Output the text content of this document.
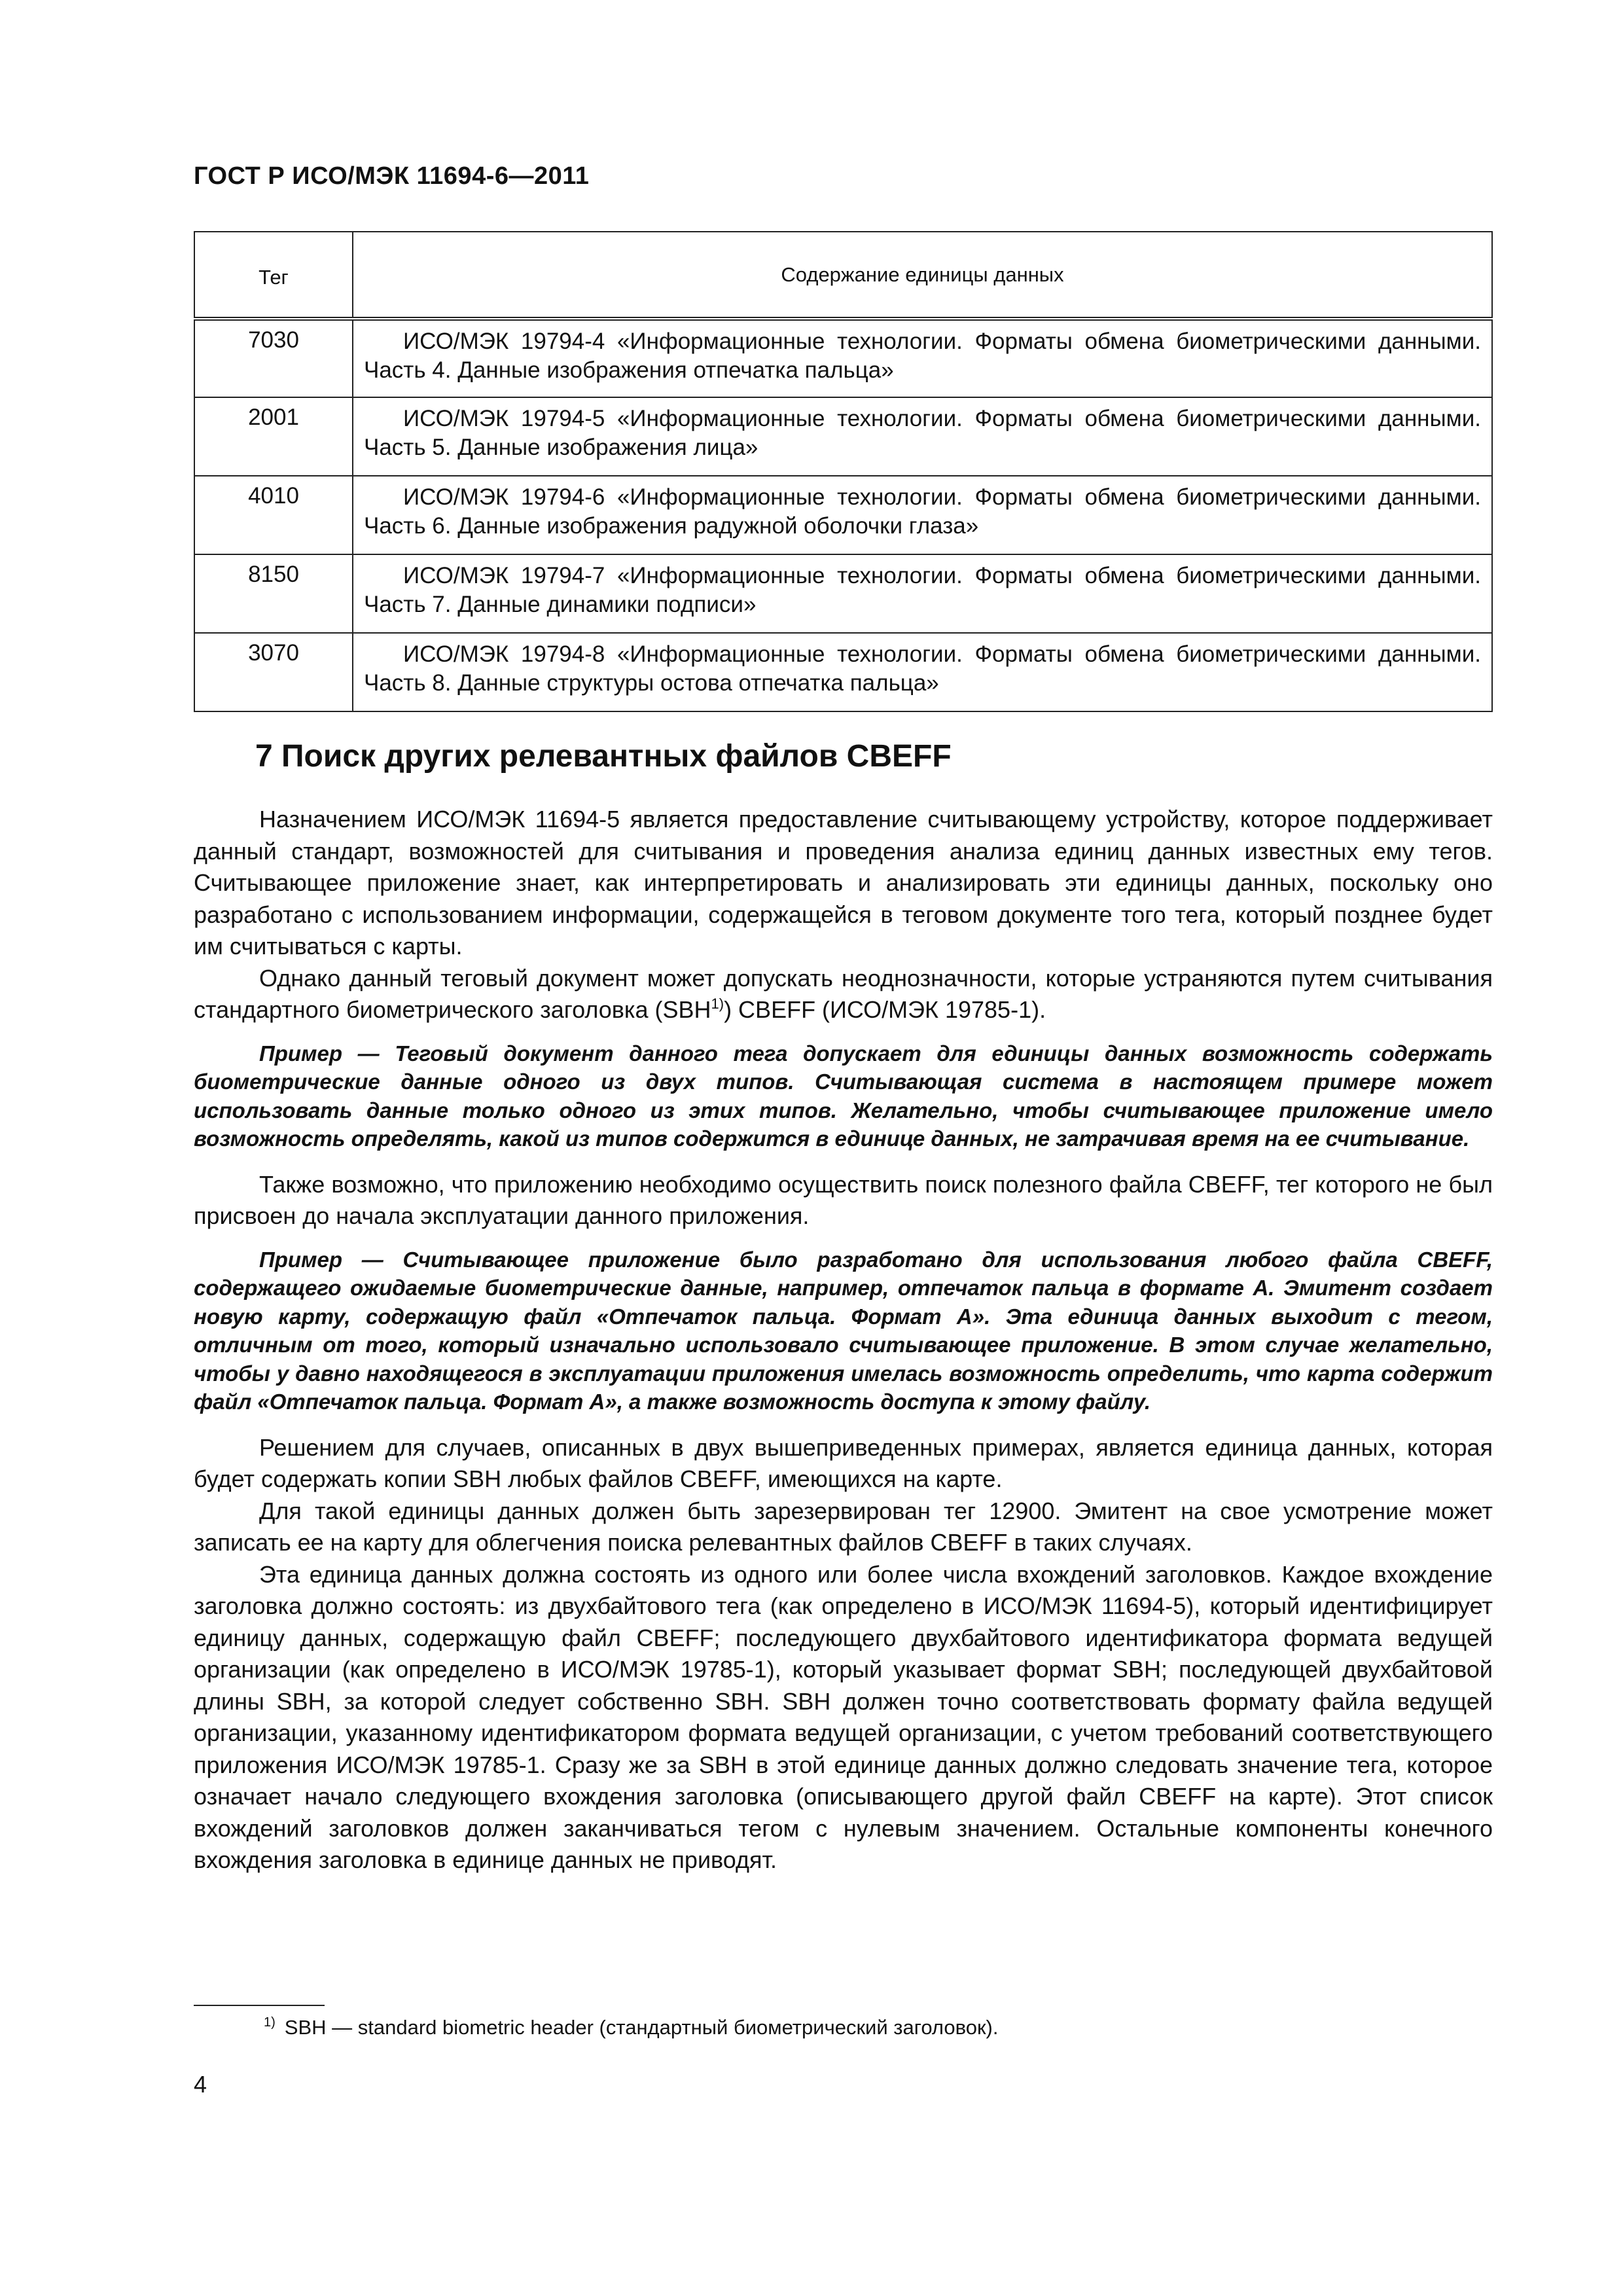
ГОСТ Р ИСО/МЭК 11694-6—2011
Тег	Содержание единицы данных
7030	ИСО/МЭК 19794-4 «Информационные технологии. Форматы обмена биометрическими данными. Часть 4. Данные изображения отпечатка пальца»
2001	ИСО/МЭК 19794-5 «Информационные технологии. Форматы обмена биометрическими данными. Часть 5. Данные изображения лица»
4010	ИСО/МЭК 19794-6 «Информационные технологии. Форматы обмена биометрическими данными. Часть 6. Данные изображения радужной оболочки глаза»
8150	ИСО/МЭК 19794-7 «Информационные технологии. Форматы обмена биометрическими данными. Часть 7. Данные динамики подписи»
3070	ИСО/МЭК 19794-8 «Информационные технологии. Форматы обмена биометрическими данными. Часть 8. Данные структуры остова отпечатка пальца»
7 Поиск других релевантных файлов CBEFF

Назначением ИСО/МЭК 11694-5 является предоставление считывающему устройству, которое поддерживает данный стандарт, возможностей для считывания и проведения анализа единиц данных известных ему тегов. Считывающее приложение знает, как интерпретировать и анализировать эти единицы данных, поскольку оно разработано с использованием информации, содержащейся в теговом документе того тега, который позднее будет им считываться с карты.

Однако данный теговый документ может допускать неоднозначности, которые устраняются путем считывания стандартного биометрического заголовка (SBH$^{1)}$) CBEFF (ИСО/МЭК 19785-1).

Пример — Теговый документ данного тега допускает для единицы данных возможность содержать биометрические данные одного из двух типов. Считывающая система в настоящем примере может использовать данные только одного из этих типов. Желательно, чтобы считывающее приложение имело возможность определять, какой из типов содержится в единице данных, не затрачивая время на ее считывание.

Также возможно, что приложению необходимо осуществить поиск полезного файла CBEFF, тег которого не был присвоен до начала эксплуатации данного приложения.

Пример — Считывающее приложение было разработано для использования любого файла CBEFF, содержащего ожидаемые биометрические данные, например, отпечаток пальца в формате А. Эмитент создает новую карту, содержащую файл «Отпечаток пальца. Формат А». Эта единица данных выходит с тегом, отличным от того, который изначально использовало считывающее приложение. В этом случае желательно, чтобы у давно находящегося в эксплуатации приложения имелась возможность определить, что карта содержит файл «Отпечаток пальца. Формат А», а также возможность доступа к этому файлу.

Решением для случаев, описанных в двух вышеприведенных примерах, является единица данных, которая будет содержать копии SBH любых файлов CBEFF, имеющихся на карте.

Для такой единицы данных должен быть зарезервирован тег 12900. Эмитент на свое усмотрение может записать ее на карту для облегчения поиска релевантных файлов CBEFF в таких случаях.

Эта единица данных должна состоять из одного или более числа вхождений заголовков. Каждое вхождение заголовка должно состоять: из двухбайтового тега (как определено в ИСО/МЭК 11694-5), который идентифицирует единицу данных, содержащую файл CBEFF; последующего двухбайтового идентификатора формата ведущей организации (как определено в ИСО/МЭК 19785-1), который указывает формат SBH; последующей двухбайтовой длины SBH, за которой следует собственно SBH. SBH должен точно соответствовать формату файла ведущей организации, указанному идентификатором формата ведущей организации, с учетом требований соответствующего приложения ИСО/МЭК 19785-1. Сразу же за SBH в этой единице данных должно следовать значение тега, которое означает начало следующего вхождения заголовка (описывающего другой файл CBEFF на карте). Этот список вхождений заголовков должен заканчиваться тегом с нулевым значением. Остальные компоненты конечного вхождения заголовка в единице данных не приводят.

$^{1)}$ SBH — standard biometric header (стандартный биометрический заголовок).
4
